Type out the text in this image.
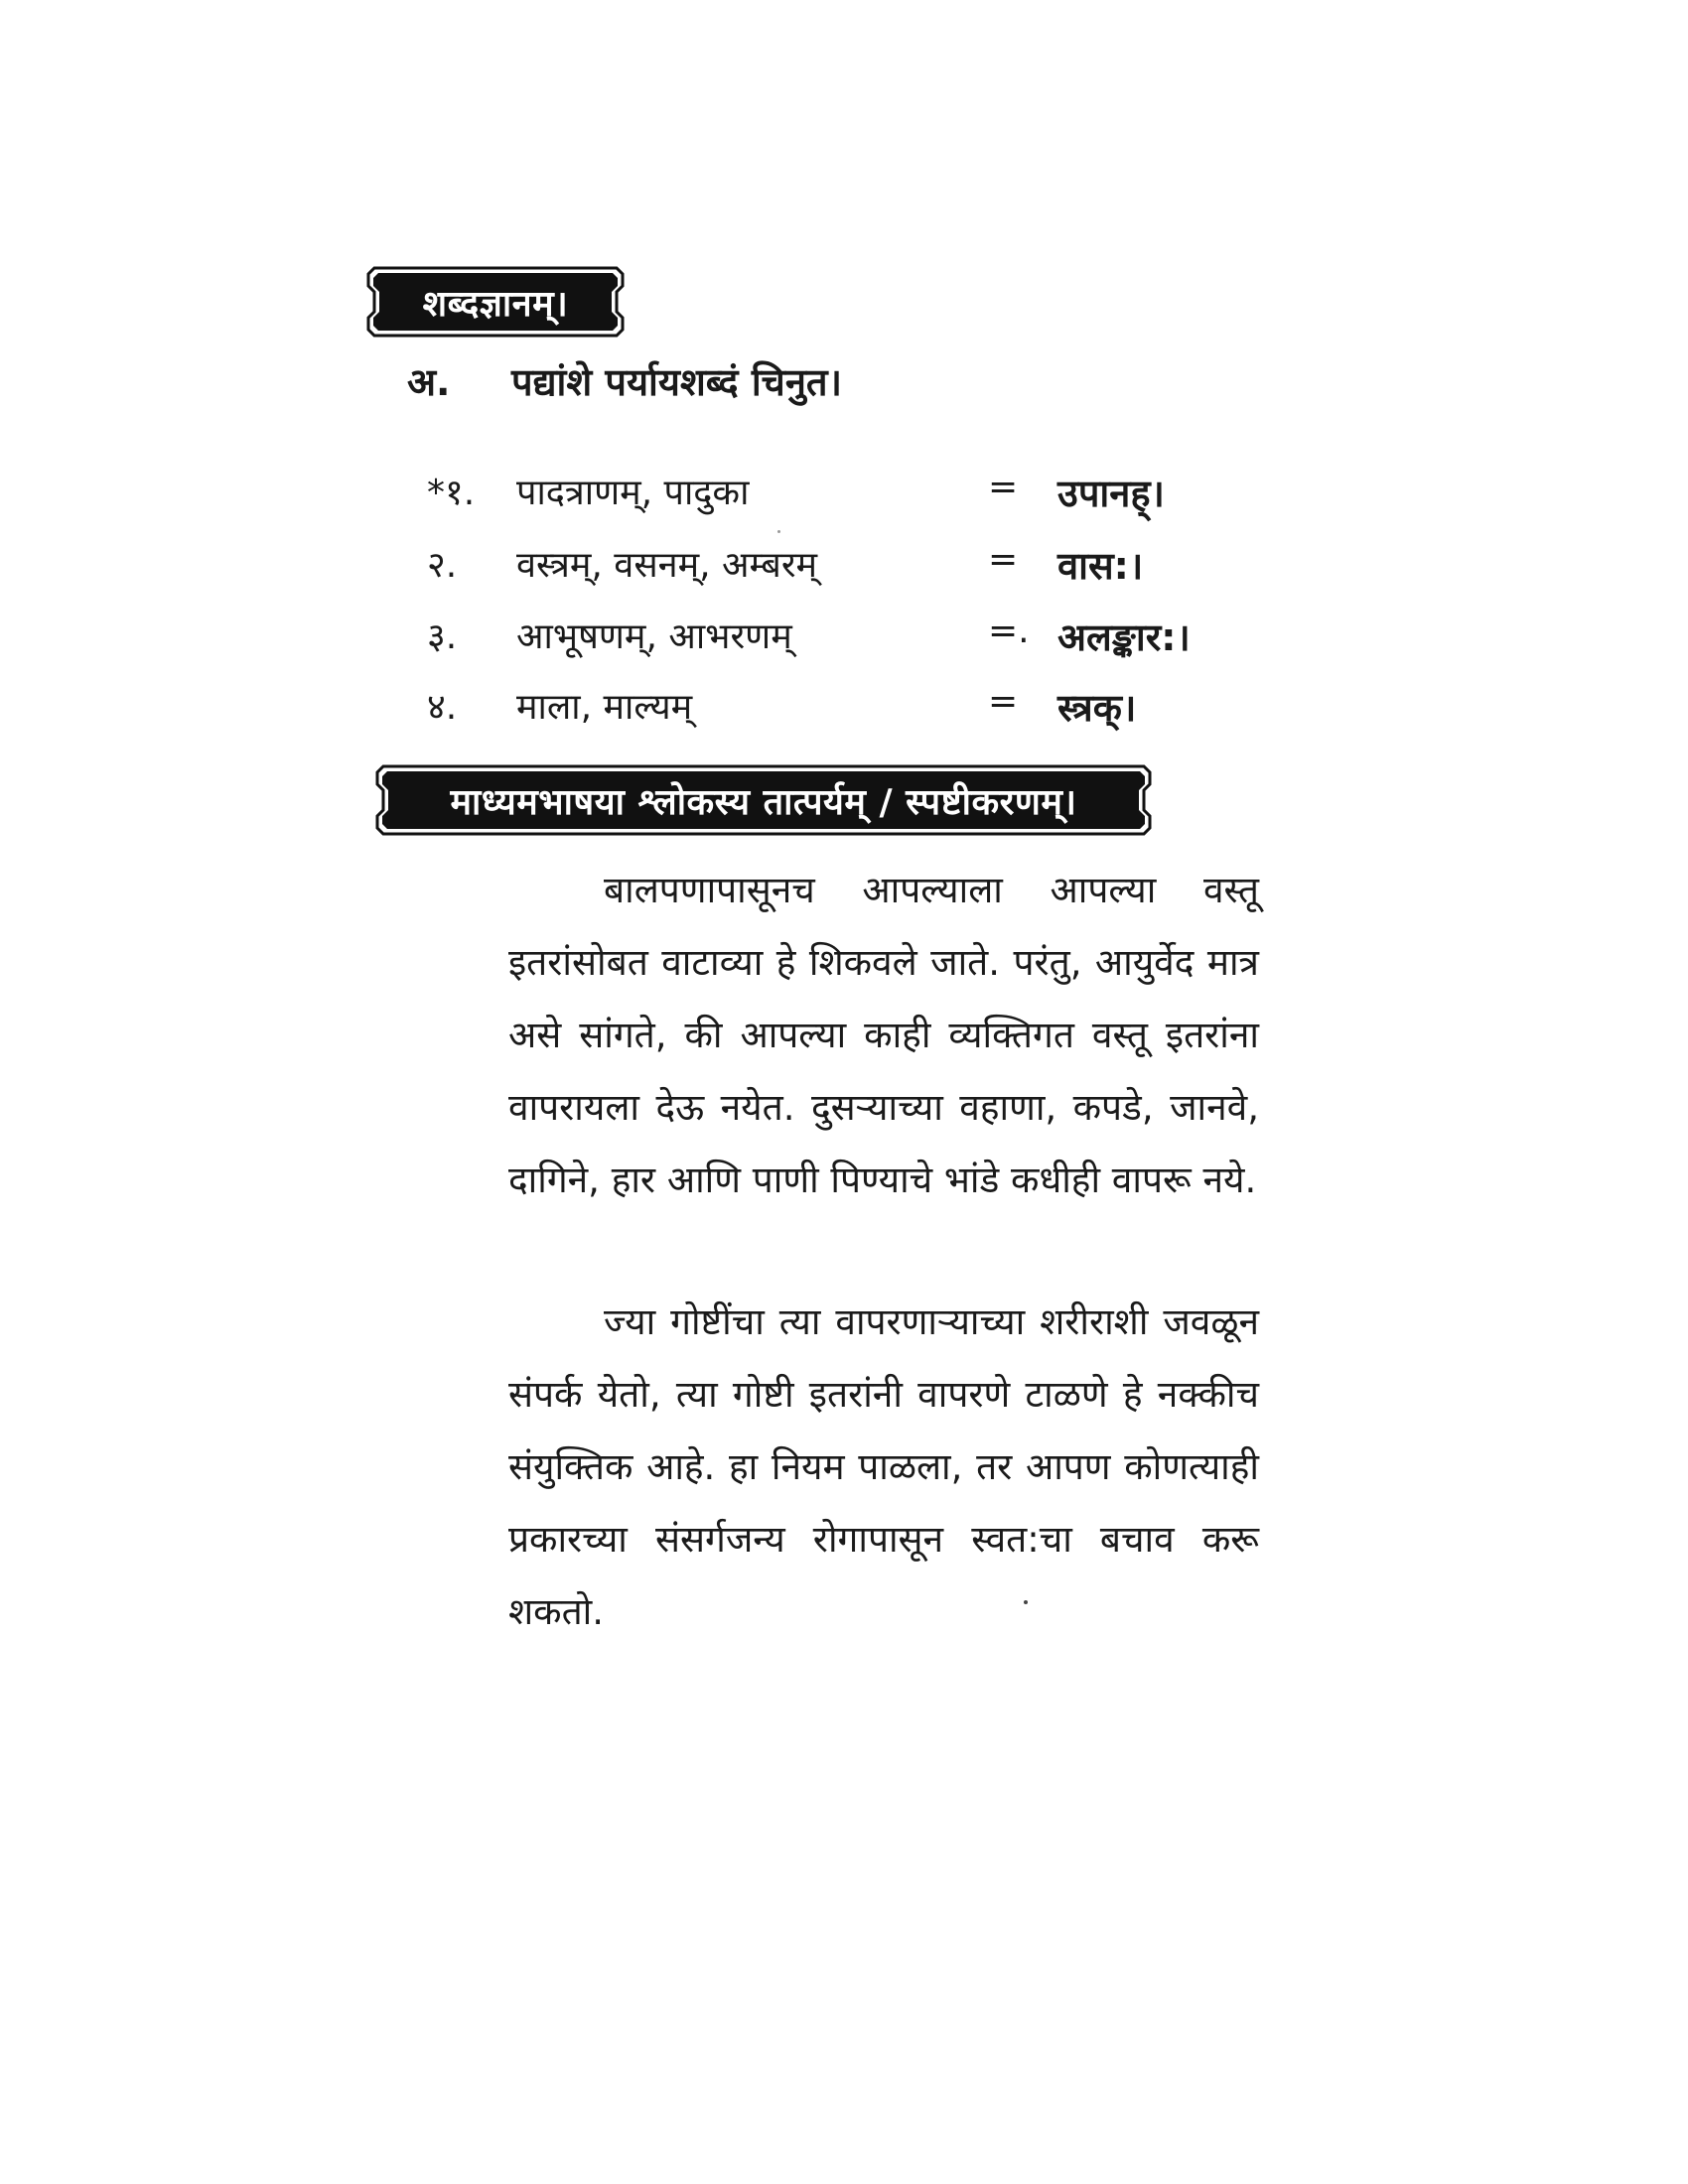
शब्दज्ञानम्।
अ. पद्यांशे पर्यायशब्दं चिनुत।
*१. पादत्राणम्, पादुका	= उपानह्।
२. वस्त्रम्, वसनम्, अम्बरम्	= वास:।
३. आभूषणम्, आभरणम्	=. अलङ्कार:।
४. माला, माल्यम्	= स्त्रक्।
माध्यमभाषया श्लोकस्य तात्पर्यम् / स्पष्टीकरणम्।

बालपणापासूनच आपल्याला आपल्या वस्तू इतरांसोबत वाटाव्या हे शिकवले जाते. परंतु, आयुर्वेद मात्र असे सांगते, की आपल्या काही व्यक्तिगत वस्तू इतरांना वापरायला देऊ नयेत. दुसऱ्याच्या वहाणा, कपडे, जानवे, दागिने, हार आणि पाणी पिण्याचे भांडे कधीही वापरू नये.

ज्या गोष्टींचा त्या वापरणाऱ्याच्या शरीराशी जवळून संपर्क येतो, त्या गोष्टी इतरांनी वापरणे टाळणे हे नक्कीच संयुक्तिक आहे. हा नियम पाळला, तर आपण कोणत्याही प्रकारच्या संसर्गजन्य रोगापासून स्वत:चा बचाव करू शकतो.
